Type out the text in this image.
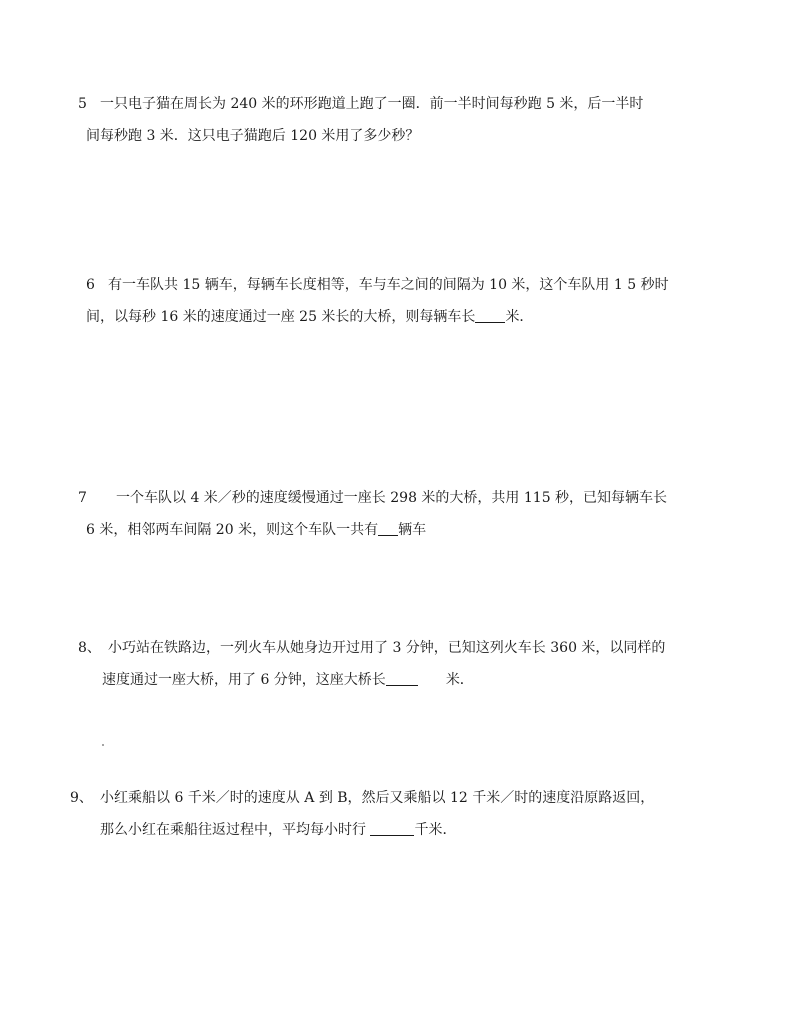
5 一只电子猫在周长为 240 米的环形跑道上跑了一圈．前一半时间每秒跑 5 米，后一半时
间每秒跑 3 米．这只电子猫跑后 120 米用了多少秒？
6 有一车队共 15 辆车，每辆车长度相等，车与车之间的间隔为 10 米，这个车队用 1 5 秒时
间，以每秒 16 米的速度通过一座 25 米长的大桥，则每辆车长 米．
7 一个车队以 4 米／秒的速度缓慢通过一座长 298 米的大桥，共用 115 秒，已知每辆车长
6 米，相邻两车间隔 20 米，则这个车队一共有 辆车
8、 小巧站在铁路边，一列火车从她身边开过用了 3 分钟，已知这列火车长 360 米，以同样的
速度通过一座大桥，用了 6 分钟，这座大桥长	米．
9、 小红乘船以 6 千米／时的速度从 A 到 B，然后又乘船以 12 千米／时的速度沿原路返回，
那么小红在乘船往返过程中，平均每小时行	千米．
